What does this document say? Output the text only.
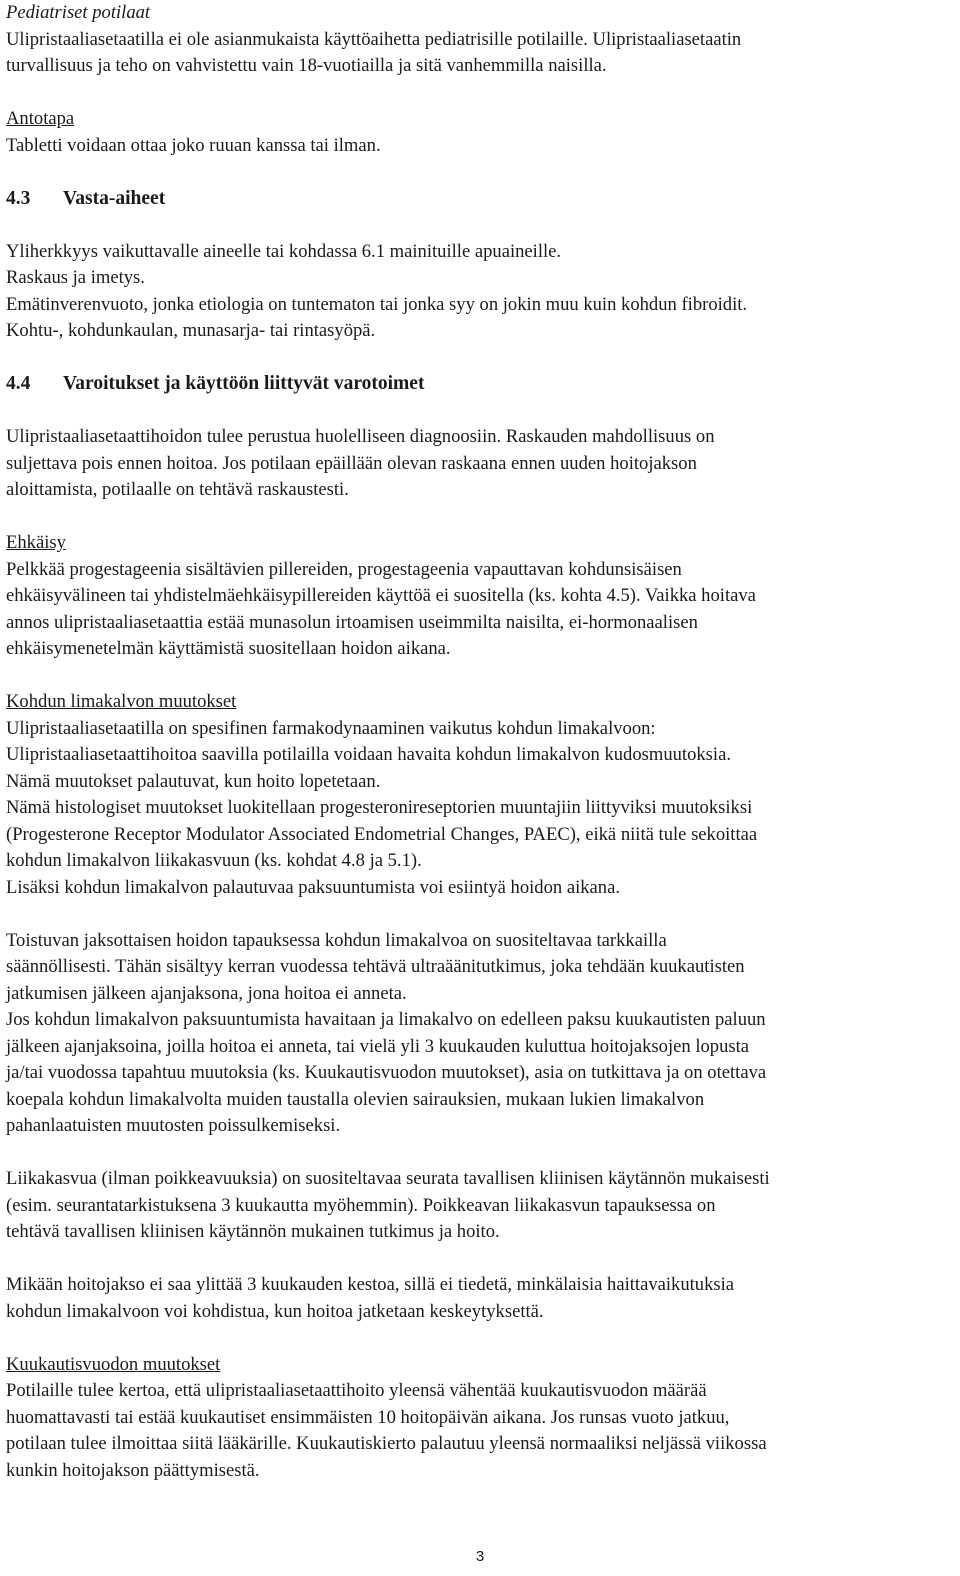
Pediatriset potilaat
Ulipristaaliasetaatilla ei ole asianmukaista käyttöaihetta pediatrisille potilaille. Ulipristaaliasetaatin
turvallisuus ja teho on vahvistettu vain 18-vuotiailla ja sitä vanhemmilla naisilla.
Antotapa
Tabletti voidaan ottaa joko ruuan kanssa tai ilman.
4.3 Vasta-aiheet
Yliherkkyys vaikuttavalle aineelle tai kohdassa 6.1 mainituille apuaineille.
Raskaus ja imetys.
Emätinverenvuoto, jonka etiologia on tuntematon tai jonka syy on jokin muu kuin kohdun fibroidit.
Kohtu-, kohdunkaulan, munasarja- tai rintasyöpä.
4.4 Varoitukset ja käyttöön liittyvät varotoimet
Ulipristaaliasetaattihoidon tulee perustua huolelliseen diagnoosiin. Raskauden mahdollisuus on
suljettava pois ennen hoitoa. Jos potilaan epäillään olevan raskaana ennen uuden hoitojakson
aloittamista, potilaalle on tehtävä raskaustesti.
Ehkäisy
Pelkkää progestageenia sisältävien pillereiden, progestageenia vapauttavan kohdunsisäisen
ehkäisyvälineen tai yhdistelmäehkäisypillereiden käyttöä ei suositella (ks. kohta 4.5). Vaikka hoitava
annos ulipristaaliasetaattia estää munasolun irtoamisen useimmilta naisilta, ei-hormonaalisen
ehkäisymenetelmän käyttämistä suositellaan hoidon aikana.
Kohdun limakalvon muutokset
Ulipristaaliasetaatilla on spesifinen farmakodynaaminen vaikutus kohdun limakalvoon:
Ulipristaaliasetaattihoitoa saavilla potilailla voidaan havaita kohdun limakalvon kudosmuutoksia.
Nämä muutokset palautuvat, kun hoito lopetetaan.
Nämä histologiset muutokset luokitellaan progesteronireseptorien muuntajiin liittyviksi muutoksiksi
(Progesterone Receptor Modulator Associated Endometrial Changes, PAEC), eikä niitä tule sekoittaa
kohdun limakalvon liikakasvuun (ks. kohdat 4.8 ja 5.1).
Lisäksi kohdun limakalvon palautuvaa paksuuntumista voi esiintyä hoidon aikana.
Toistuvan jaksottaisen hoidon tapauksessa kohdun limakalvoa on suositeltavaa tarkkailla
säännöllisesti. Tähän sisältyy kerran vuodessa tehtävä ultraäänitutkimus, joka tehdään kuukautisten
jatkumisen jälkeen ajanjaksona, jona hoitoa ei anneta.
Jos kohdun limakalvon paksuuntumista havaitaan ja limakalvo on edelleen paksu kuukautisten paluun
jälkeen ajanjaksoina, joilla hoitoa ei anneta, tai vielä yli 3 kuukauden kuluttua hoitojaksojen lopusta
ja/tai vuodossa tapahtuu muutoksia (ks. Kuukautisvuodon muutokset), asia on tutkittava ja on otettava
koepala kohdun limakalvolta muiden taustalla olevien sairauksien, mukaan lukien limakalvon
pahanlaatuisten muutosten poissulkemiseksi.
Liikakasvua (ilman poikkeavuuksia) on suositeltavaa seurata tavallisen kliinisen käytännön mukaisesti
(esim. seurantatarkistuksena 3 kuukautta myöhemmin). Poikkeavan liikakasvun tapauksessa on
tehtävä tavallisen kliinisen käytännön mukainen tutkimus ja hoito.
Mikään hoitojakso ei saa ylittää 3 kuukauden kestoa, sillä ei tiedetä, minkälaisia haittavaikutuksia
kohdun limakalvoon voi kohdistua, kun hoitoa jatketaan keskeytyksettä.
Kuukautisvuodon muutokset
Potilaille tulee kertoa, että ulipristaaliasetaattihoito yleensä vähentää kuukautisvuodon määrää
huomattavasti tai estää kuukautiset ensimmäisten 10 hoitopäivän aikana. Jos runsas vuoto jatkuu,
potilaan tulee ilmoittaa siitä lääkärille. Kuukautiskierto palautuu yleensä normaaliksi neljässä viikossa
kunkin hoitojakson päättymisestä.
3
